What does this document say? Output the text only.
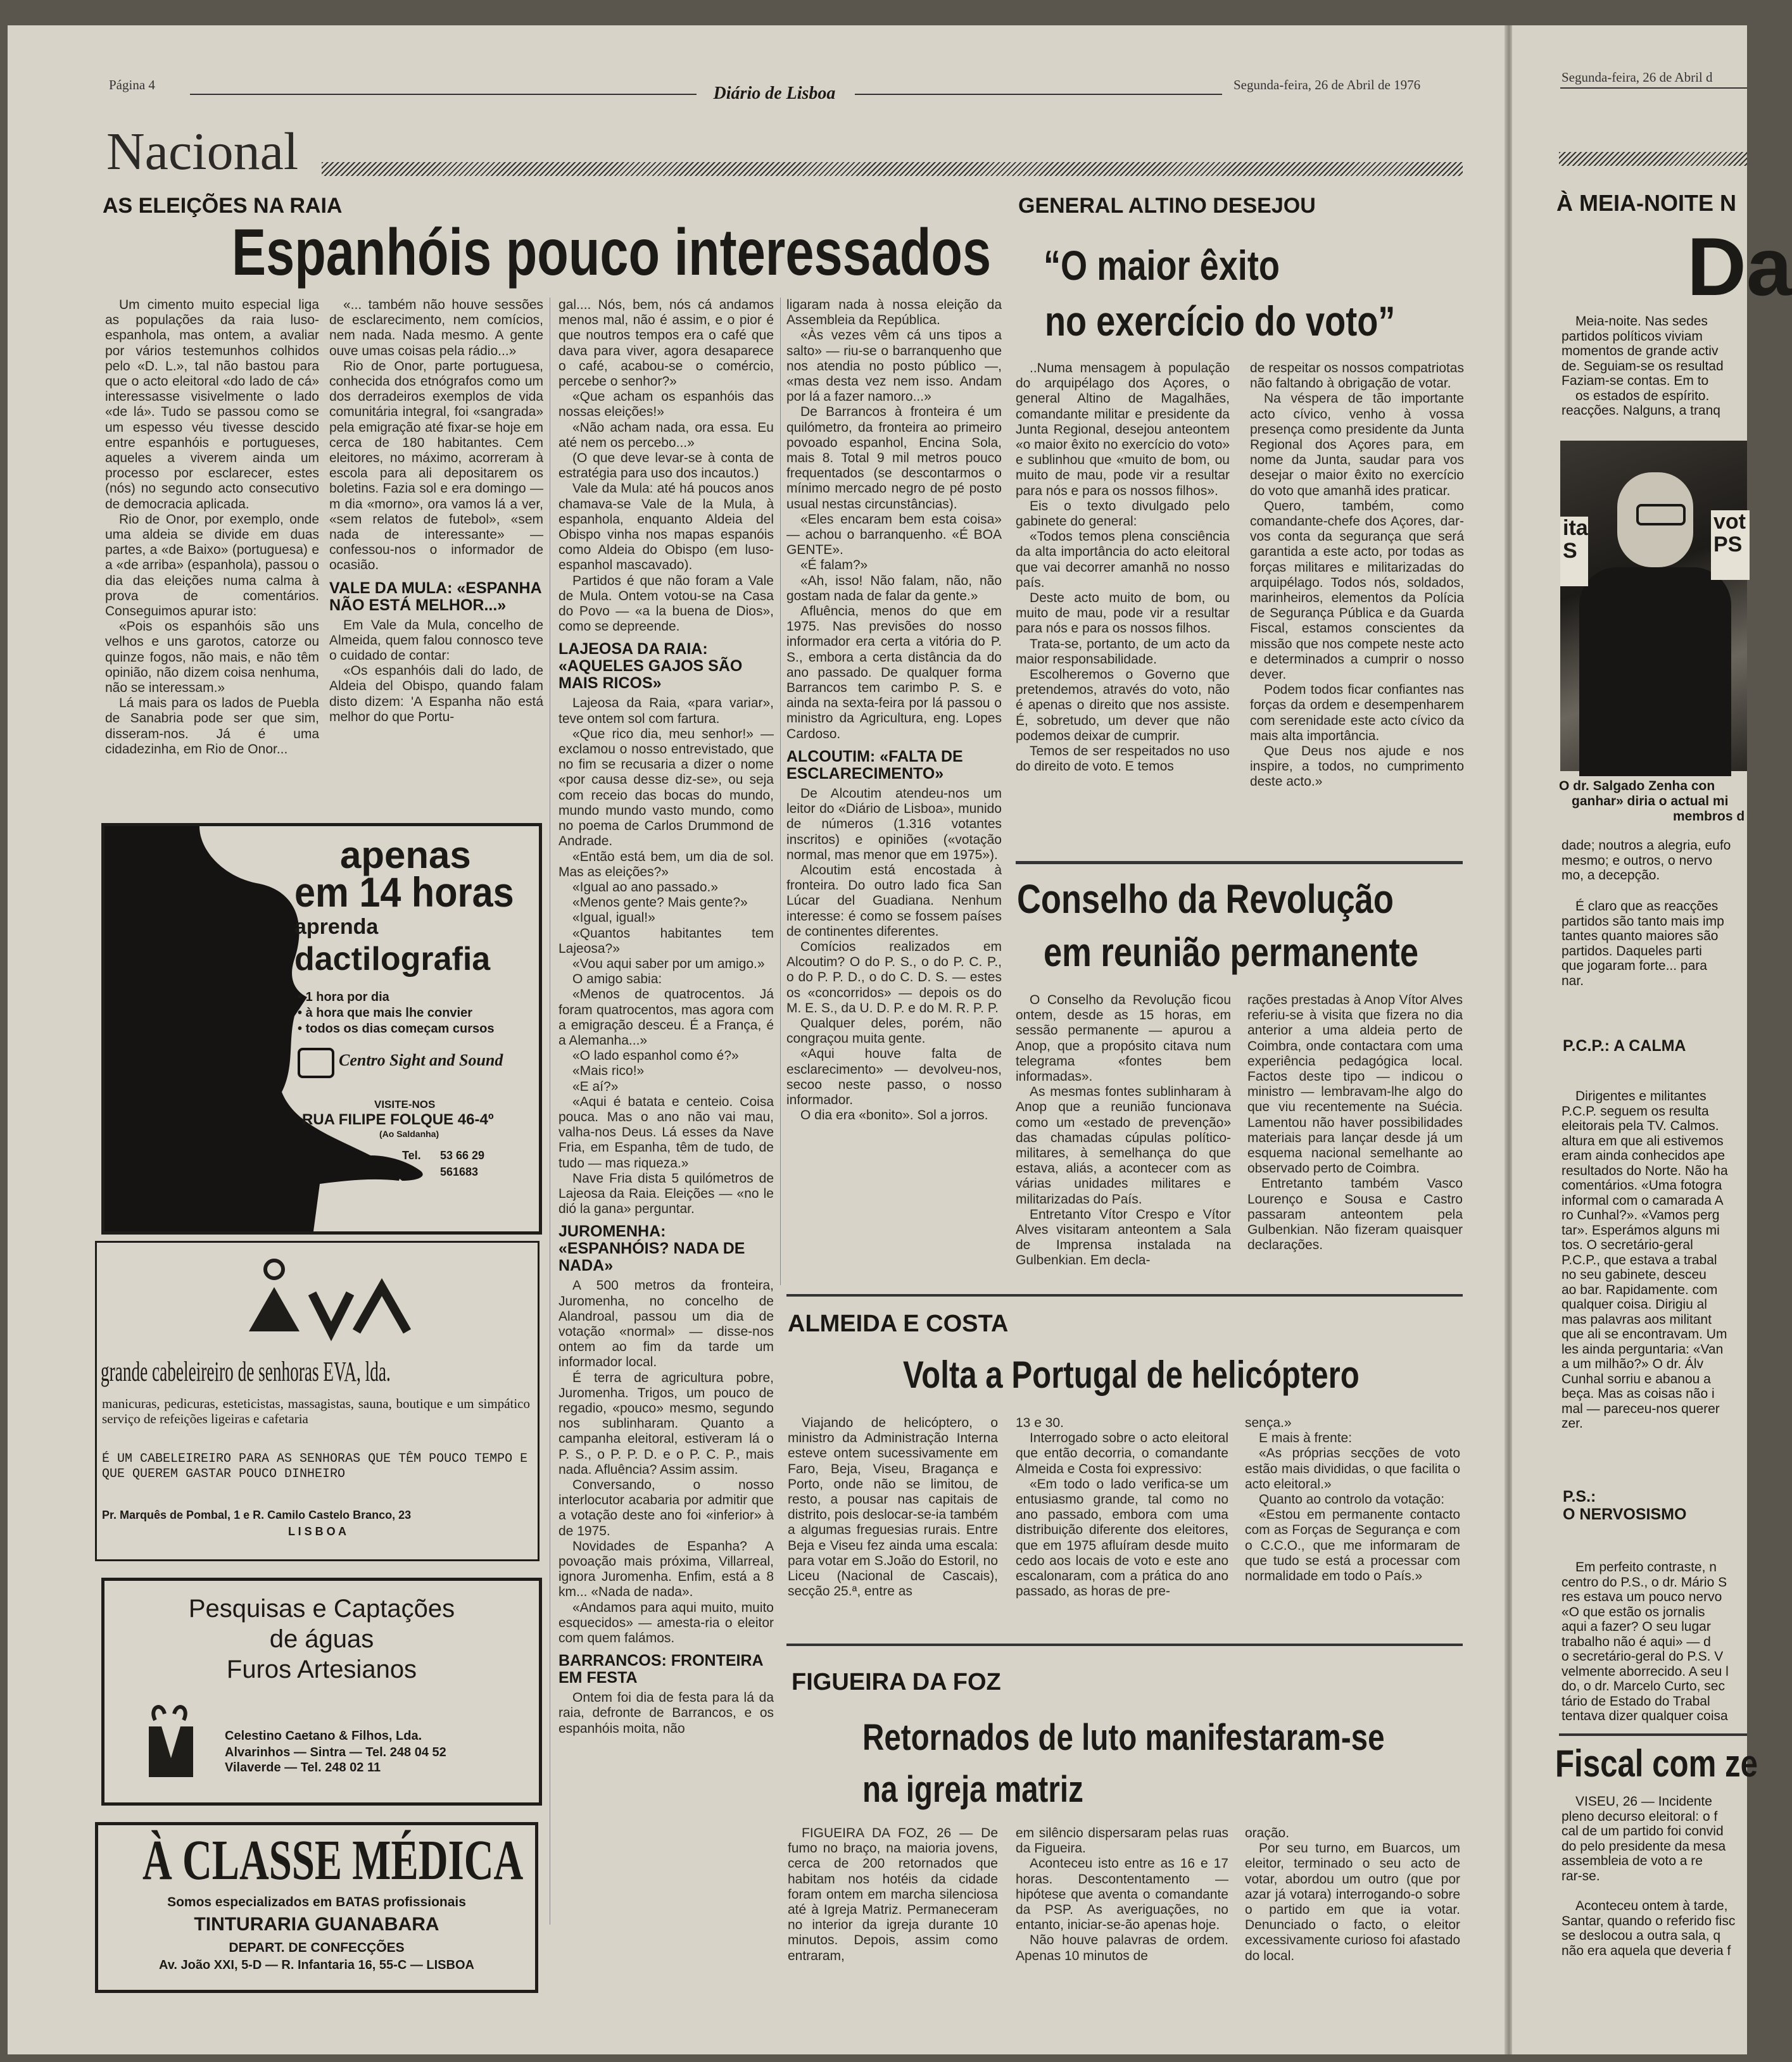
Página 4	Diário de Lisboa	Segunda-feira, 26 de Abril de 1976
Nacional
AS ELEIÇÕES NA RAIA
Espanhóis pouco interessados

Um cimento muito especial liga as populações da raia luso-espanhola, mas ontem, a avaliar por vários testemunhos colhidos pelo «D. L.», tal não bastou para que o acto eleitoral «do lado de cá» interessasse visivelmente o lado «de lá». Tudo se passou como se um espesso véu tivesse descido entre espanhóis e portugueses, aqueles a viverem ainda um processo por esclarecer, estes (nós) no segundo acto consecutivo de democracia aplicada.

Rio de Onor, por exemplo, onde uma aldeia se divide em duas partes, a «de Baixo» (portuguesa) e a «de arriba» (espanhola), passou o dia das eleições numa calma à prova de comentários. Conseguimos apurar isto:

«Pois os espanhóis são uns velhos e uns garotos, catorze ou quinze fogos, não mais, e não têm opinião, não dizem coisa nenhuma, não se interessam.»

Lá mais para os lados de Puebla de Sanabria pode ser que sim, disseram-nos. Já é uma cidadezinha, em Rio de Onor...

«... também não houve sessões de esclarecimento, nem comícios, nem nada. Nada mesmo. A gente ouve umas coisas pela rádio...»

Rio de Onor, parte portuguesa, conhecida dos etnógrafos como um dos derradeiros exemplos de vida comunitária integral, foi «sangrada» pela emigração até fixar-se hoje em cerca de 180 habitantes. Cem eleitores, no máximo, acorreram à escola para ali depositarem os boletins. Fazia sol e era domingo — m dia «morno», ora vamos lá a ver, «sem relatos de futebol», «sem nada de interessante» — confessou-nos o informador de ocasião.

VALE DA MULA: «ESPANHA NÃO ESTÁ MELHOR...»

Em Vale da Mula, concelho de Almeida, quem falou connosco teve o cuidado de contar:

«Os espanhóis dali do lado, de Aldeia del Obispo, quando falam disto dizem: 'A Espanha não está melhor do que Portu-

gal.... Nós, bem, nós cá andamos menos mal, não é assim, e o pior é que noutros tempos era o café que dava para viver, agora desaparece o café, acabou-se o comércio, percebe o senhor?»

«Que acham os espanhóis das nossas eleições!»

«Não acham nada, ora essa. Eu até nem os percebo...»

(O que deve levar-se à conta de estratégia para uso dos incautos.)

Vale da Mula: até há poucos anos chamava-se Vale de la Mula, à espanhola, enquanto Aldeia del Obispo vinha nos mapas espanóis como Aldeia do Obispo (em luso-espanhol mascavado).

Partidos é que não foram a Vale de Mula. Ontem votou-se na Casa do Povo — «a la buena de Dios», como se depreende.

LAJEOSA DA RAIA: «AQUELES GAJOS SÃO MAIS RICOS»

Lajeosa da Raia, «para variar», teve ontem sol com fartura.

«Que rico dia, meu senhor!» — exclamou o nosso entrevistado, que no fim se recusaria a dizer o nome «por causa desse diz-se», ou seja com receio das bocas do mundo, mundo mundo vasto mundo, como no poema de Carlos Drummond de Andrade.

«Então está bem, um dia de sol. Mas as eleições?»

«Igual ao ano passado.»

«Menos gente? Mais gente?»

«Igual, igual!»

«Quantos habitantes tem Lajeosa?»

«Vou aqui saber por um amigo.»

O amigo sabia:

«Menos de quatrocentos. Já foram quatrocentos, mas agora com a emigração desceu. É a França, é a Alemanha...»

«O lado espanhol como é?»

«Mais rico!»

«E aí?»

«Aqui é batata e centeio. Coisa pouca. Mas o ano não vai mau, valha-nos Deus. Lá esses da Nave Fria, em Espanha, têm de tudo, de tudo — mas riqueza.»

Nave Fria dista 5 quilómetros de Lajeosa da Raia. Eleições — «no le dió la gana» perguntar.

JUROMENHA: «ESPANHÓIS? NADA DE NADA»

A 500 metros da fronteira, Juromenha, no concelho de Alandroal, passou um dia de votação «normal» — disse-nos ontem ao fim da tarde um informador local.

É terra de agricultura pobre, Juromenha. Trigos, um pouco de regadio, «pouco» mesmo, segundo nos sublinharam. Quanto a campanha eleitoral, estiveram lá o P. S., o P. P. D. e o P. C. P., mais nada. Afluência? Assim assim.

Conversando, o nosso interlocutor acabaria por admitir que a votação deste ano foi «inferior» à de 1975.

Novidades de Espanha? A povoação mais próxima, Villarreal, ignora Juromenha. Enfim, está a 8 km... «Nada de nada».

«Andamos para aqui muito, muito esquecidos» — amesta-ria o eleitor com quem falámos.

BARRANCOS: FRONTEIRA EM FESTA

Ontem foi dia de festa para lá da raia, defronte de Barrancos, e os espanhóis moita, não

ligaram nada à nossa eleição da Assembleia da República.

«Às vezes vêm cá uns tipos a salto» — riu-se o barranquenho que nos atendia no posto público —, «mas desta vez nem isso. Andam por lá a fazer namoro...»

De Barrancos à fronteira é um quilómetro, da fronteira ao primeiro povoado espanhol, Encina Sola, mais 8. Total 9 mil metros pouco frequentados (se descontarmos o mínimo mercado negro de pé posto usual nestas circunstâncias).

«Eles encaram bem esta coisa» — achou o barranquenho. «É BOA GENTE».

«É falam?»

«Ah, isso! Não falam, não, não gostam nada de falar da gente.»

Afluência, menos do que em 1975. Nas previsões do nosso informador era certa a vitória do P. S., embora a certa distância da do ano passado. De qualquer forma Barrancos tem carimbo P. S. e ainda na sexta-feira por lá passou o ministro da Agricultura, eng. Lopes Cardoso.

ALCOUTIM: «FALTA DE ESCLARECIMENTO»

De Alcoutim atendeu-nos um leitor do «Diário de Lisboa», munido de números (1.316 votantes inscritos) e opiniões («votação normal, mas menor que em 1975»).

Alcoutim está encostada à fronteira. Do outro lado fica San Lúcar del Guadiana. Nenhum interesse: é como se fossem países de continentes diferentes.

Comícios realizados em Alcoutim? O do P. S., o do P. C. P., o do P. P. D., o do C. D. S. — estes os «concorridos» — depois os do M. E. S., da U. D. P. e do M. R. P. P.

Qualquer deles, porém, não congraçou muita gente.

«Aqui houve falta de esclarecimento» — devolveu-nos, secoo neste passo, o nosso informador.

O dia era «bonito». Sol a jorros.

GENERAL ALTINO DESEJOU
“O maior êxito
no exercício do voto”

..Numa mensagem à população do arquipélago dos Açores, o general Altino de Magalhães, comandante militar e presidente da Junta Regional, desejou anteontem «o maior êxito no exercício do voto» e sublinhou que «muito de bom, ou muito de mau, pode vir a resultar para nós e para os nossos filhos».

Eis o texto divulgado pelo gabinete do general:

«Todos temos plena consciência da alta importância do acto eleitoral que vai decorrer amanhã no nosso país.

Deste acto muito de bom, ou muito de mau, pode vir a resultar para nós e para os nossos filhos.

Trata-se, portanto, de um acto da maior responsabilidade.

Escolheremos o Governo que pretendemos, através do voto, não é apenas o direito que nos assiste. É, sobretudo, um dever que não podemos deixar de cumprir.

Temos de ser respeitados no uso do direito de voto. E temos

de respeitar os nossos compatriotas não faltando à obrigação de votar.

Na véspera de tão importante acto cívico, venho à vossa presença como presidente da Junta Regional dos Açores para, em nome da Junta, saudar para vos desejar o maior êxito no exercício do voto que amanhã ides praticar.

Quero, também, como comandante-chefe dos Açores, dar-vos conta da segurança que será garantida a este acto, por todas as forças militares e militarizadas do arquipélago. Todos nós, soldados, marinheiros, elementos da Polícia de Segurança Pública e da Guarda Fiscal, estamos conscientes da missão que nos compete neste acto e determinados a cumprir o nosso dever.

Podem todos ficar confiantes nas forças da ordem e desempenharem com serenidade este acto cívico da mais alta importância.

Que Deus nos ajude e nos inspire, a todos, no cumprimento deste acto.»

Conselho da Revolução
em reunião permanente

O Conselho da Revolução ficou ontem, desde as 15 horas, em sessão permanente — apurou a Anop, que a propósito citava num telegrama «fontes bem informadas».

As mesmas fontes sublinharam à Anop que a reunião funcionava como um «estado de prevenção» das chamadas cúpulas político-militares, à semelhança do que estava, aliás, a acontecer com as várias unidades militares e militarizadas do País.

Entretanto Vítor Crespo e Vítor Alves visitaram anteontem a Sala de Imprensa instalada na Gulbenkian. Em decla-

rações prestadas à Anop Vítor Alves referiu-se à visita que fizera no dia anterior a uma aldeia perto de Coimbra, onde contactara com uma experiência pedagógica local. Factos deste tipo — indicou o ministro — lembravam-lhe algo do que viu recentemente na Suécia. Lamentou não haver possibilidades materiais para lançar desde já um esquema nacional semelhante ao observado perto de Coimbra.

Entretanto também Vasco Lourenço e Sousa e Castro passaram anteontem pela Gulbenkian. Não fizeram quaisquer declarações.

ALMEIDA E COSTA
Volta a Portugal de helicóptero

Viajando de helicóptero, o ministro da Administração Interna esteve ontem sucessivamente em Faro, Beja, Viseu, Bragança e Porto, onde não se limitou, de resto, a pousar nas capitais de distrito, pois deslocar-se-ia também a algumas freguesias rurais. Entre Beja e Viseu fez ainda uma escala: para votar em S.João do Estoril, no Liceu (Nacional de Cascais), secção 25.ª, entre as

13 e 30.

Interrogado sobre o acto eleitoral que então decorria, o comandante Almeida e Costa foi expressivo:

«Em todo o lado verifica-se um entusiasmo grande, tal como no ano passado, embora com uma distribuição diferente dos eleitores, que em 1975 afluíram desde muito cedo aos locais de voto e este ano escalonaram, com a prática do ano passado, as horas de pre-

sença.»

E mais à frente:

«As próprias secções de voto estão mais divididas, o que facilita o acto eleitoral.»

Quanto ao controlo da votação:

«Estou em permanente contacto com as Forças de Segurança e com o C.C.O., que me informaram de que tudo se está a processar com normalidade em todo o País.»

FIGUEIRA DA FOZ
Retornados de luto manifestaram-se
na igreja matriz

FIGUEIRA DA FOZ, 26 — De fumo no braço, na maioria jovens, cerca de 200 retornados que habitam nos hotéis da cidade foram ontem em marcha silenciosa até à Igreja Matriz. Permaneceram no interior da igreja durante 10 minutos. Depois, assim como entraram,

em silêncio dispersaram pelas ruas da Figueira.

Aconteceu isto entre as 16 e 17 horas. Descontentamento — hipótese que aventa o comandante da PSP. As averiguações, no entanto, iniciar-se-ão apenas hoje.

Não houve palavras de ordem. Apenas 10 minutos de

oração.

Por seu turno, em Buarcos, um eleitor, terminado o seu acto de votar, abordou um outro (que por azar já votara) interrogando-o sobre o partido em que ia votar. Denunciado o facto, o eleitor excessivamente curioso foi afastado do local.

apenas
em 14 horas
aprenda
dactilografia
• 1 hora por dia
• à hora que mais lhe convier
• todos os dias começam cursos
Centro Sight and Sound
VISITE-NOS
RUA FILIPE FOLQUE 46-4º
(Ao Saldanha)
Tel. 53 66 29
561683
grande cabeleireiro de senhoras EVA, lda.
manicuras, pedicuras, esteticistas, massagistas, sauna, boutique e um simpático serviço de refeições ligeiras e cafetaria
É UM CABELEIREIRO PARA AS SENHORAS QUE TÊM POUCO TEMPO E QUE QUEREM GASTAR POUCO DINHEIRO
Pr. Marquês de Pombal, 1 e R. Camilo Castelo Branco, 23
L I S B O A
Pesquisas e Captações
de águas
Furos Artesianos
Celestino Caetano & Filhos, Lda.
Alvarinhos — Sintra — Tel. 248 04 52
Vilaverde — Tel. 248 02 11
À CLASSE MÉDICA
Somos especializados em BATAS profissionais
TINTURARIA GUANABARA
DEPART. DE CONFECÇÕES
Av. João XXI, 5-D — R. Infantaria 16, 55-C — LISBOA
Segunda-feira, 26 de Abril d
À MEIA-NOITE N
Da
Meia-noite. Nas sedes
partidos políticos viviam
momentos de grande activ
de. Seguiam-se os resultad
Faziam-se contas. Em to
os estados de espírito.
reacções. Nalguns, a tranq
ita
S
vot
PS
O dr. Salgado Zenha con
ganhar» diria o actual mi
membros d
dade; noutros a alegria, eufo
mesmo; e outros, o nervo
mo, a decepção.
É claro que as reacções
partidos são tanto mais imp
tantes quanto maiores são
partidos. Daqueles parti
que jogaram forte... para
nar.
P.C.P.: A CALMA
Dirigentes e militantes
P.C.P. seguem os resulta
eleitorais pela TV. Calmos.
altura em que ali estivemos
eram ainda conhecidos ape
resultados do Norte. Não ha
comentários. «Uma fotogra
informal com o camarada A
ro Cunhal?». «Vamos perg
tar». Esperámos alguns mi
tos. O secretário-geral
P.C.P., que estava a trabal
no seu gabinete, desceu
ao bar. Rapidamente. com
qualquer coisa. Dirigiu al
mas palavras aos militant
que ali se encontravam. Um
les ainda perguntaria: «Van
a um milhão?» O dr. Álv
Cunhal sorriu e abanou a
beça. Mas as coisas não i
mal — pareceu-nos querer
zer.
P.S.:
O NERVOSISMO
Em perfeito contraste, n
centro do P.S., o dr. Mário S
res estava um pouco nervo
«O que estão os jornalis
aqui a fazer? O seu lugar
trabalho não é aqui» — d
o secretário-geral do P.S. V
velmente aborrecido. A seu l
do, o dr. Marcelo Curto, sec
tário de Estado do Trabal
tentava dizer qualquer coisa
Fiscal com ze
VISEU, 26 — Incidente
pleno decurso eleitoral: o f
cal de um partido foi convid
do pelo presidente da mesa
assembleia de voto a re
rar-se.
Aconteceu ontem à tarde,
Santar, quando o referido fisc
se deslocou a outra sala, q
não era aquela que deveria f
